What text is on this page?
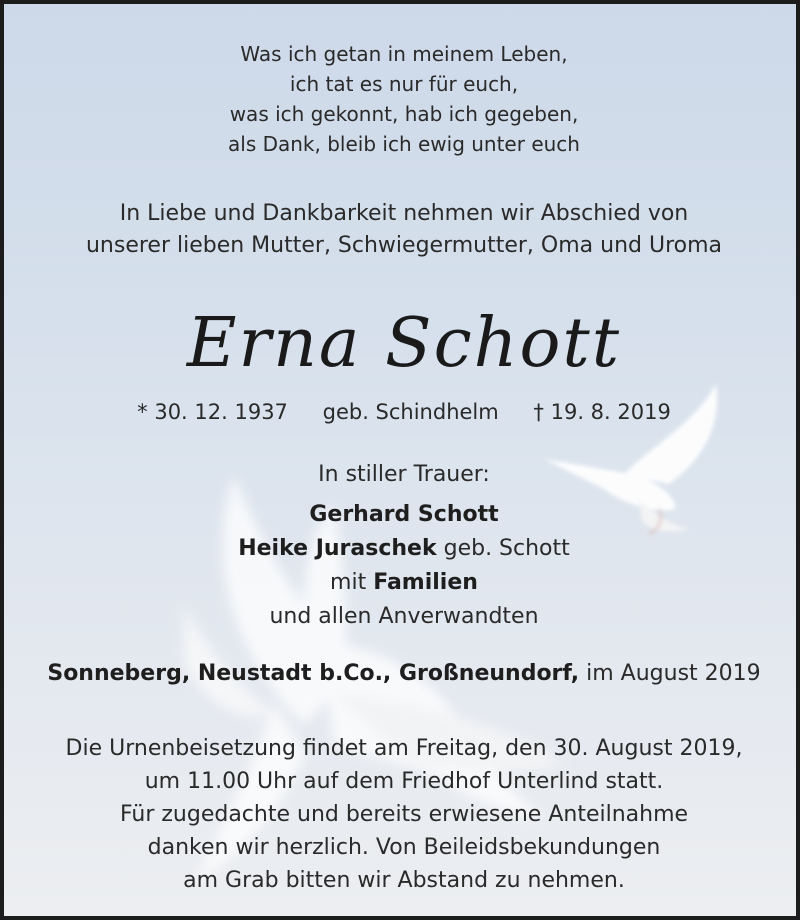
Was ich getan in meinem Leben,
ich tat es nur für euch,
was ich gekonnt, hab ich gegeben,
als Dank, bleib ich ewig unter euch
In Liebe und Dankbarkeit nehmen wir Abschied von
unserer lieben Mutter, Schwiegermutter, Oma und Uroma
Erna Schott
* 30. 12. 1937 geb. Schindhelm † 19. 8. 2019
In stiller Trauer:
Gerhard Schott
Heike Juraschek geb. Schott
mit Familien
und allen Anverwandten
Sonneberg, Neustadt b.Co., Großneundorf, im August 2019
Die Urnenbeisetzung findet am Freitag, den 30. August 2019,
um 11.00 Uhr auf dem Friedhof Unterlind statt.
Für zugedachte und bereits erwiesene Anteilnahme
danken wir herzlich. Von Beileidsbekundungen
am Grab bitten wir Abstand zu nehmen.
